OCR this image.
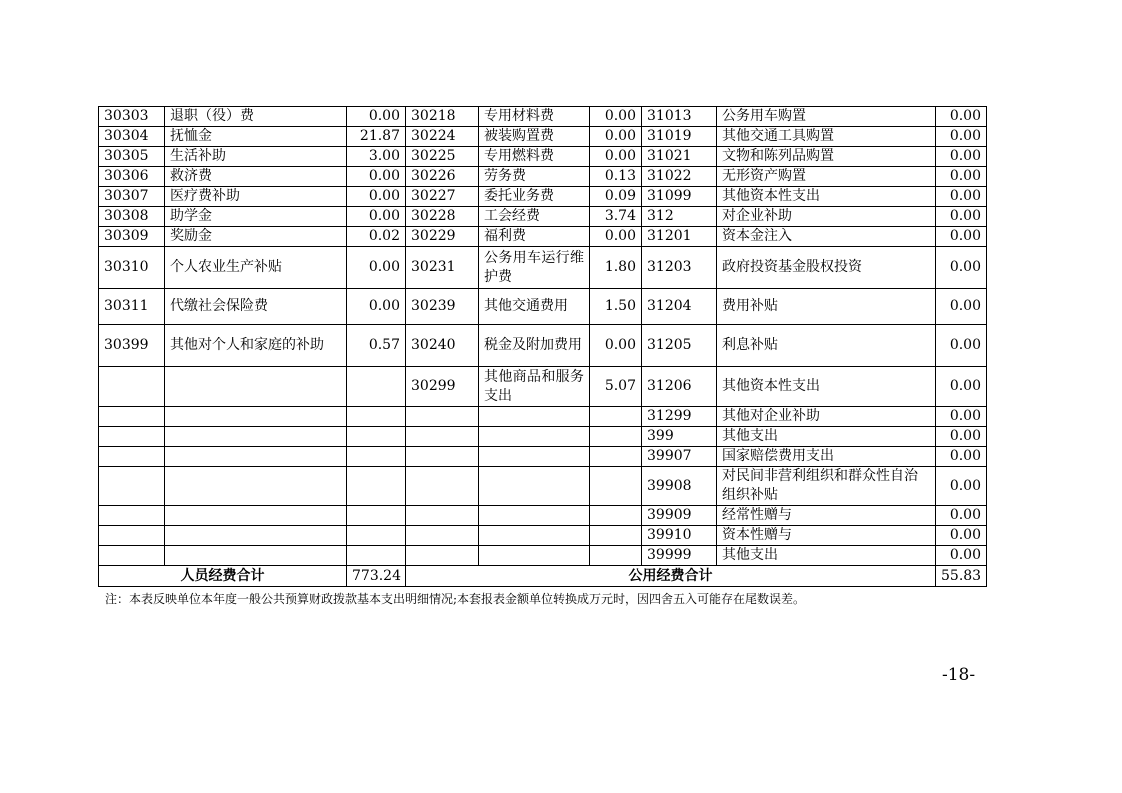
30303	退职（役）费	0.00	30218	专用材料费	0.00	31013	公务用车购置	0.00
30304	抚恤金	21.87	30224	被装购置费	0.00	31019	其他交通工具购置	0.00
30305	生活补助	3.00	30225	专用燃料费	0.00	31021	文物和陈列品购置	0.00
30306	救济费	0.00	30226	劳务费	0.13	31022	无形资产购置	0.00
30307	医疗费补助	0.00	30227	委托业务费	0.09	31099	其他资本性支出	0.00
30308	助学金	0.00	30228	工会经费	3.74	312	对企业补助	0.00
30309	奖励金	0.02	30229	福利费	0.00	31201	资本金注入	0.00
30310	个人农业生产补贴	0.00	30231	公务用车运行维护费	1.80	31203	政府投资基金股权投资	0.00
30311	代缴社会保险费	0.00	30239	其他交通费用	1.50	31204	费用补贴	0.00
30399	其他对个人和家庭的补助	0.57	30240	税金及附加费用	0.00	31205	利息补贴	0.00
			30299	其他商品和服务支出	5.07	31206	其他资本性支出	0.00
						31299	其他对企业补助	0.00
						399	其他支出	0.00
						39907	国家赔偿费用支出	0.00
						39908	对民间非营利组织和群众性自治组织补贴	0.00
						39909	经常性赠与	0.00
						39910	资本性赠与	0.00
						39999	其他支出	0.00
人员经费合计		773.24	公用经费合计					55.83
注：本表反映单位本年度一般公共预算财政拨款基本支出明细情况;本套报表金额单位转换成万元时，因四舍五入可能存在尾数误差。
-18-
